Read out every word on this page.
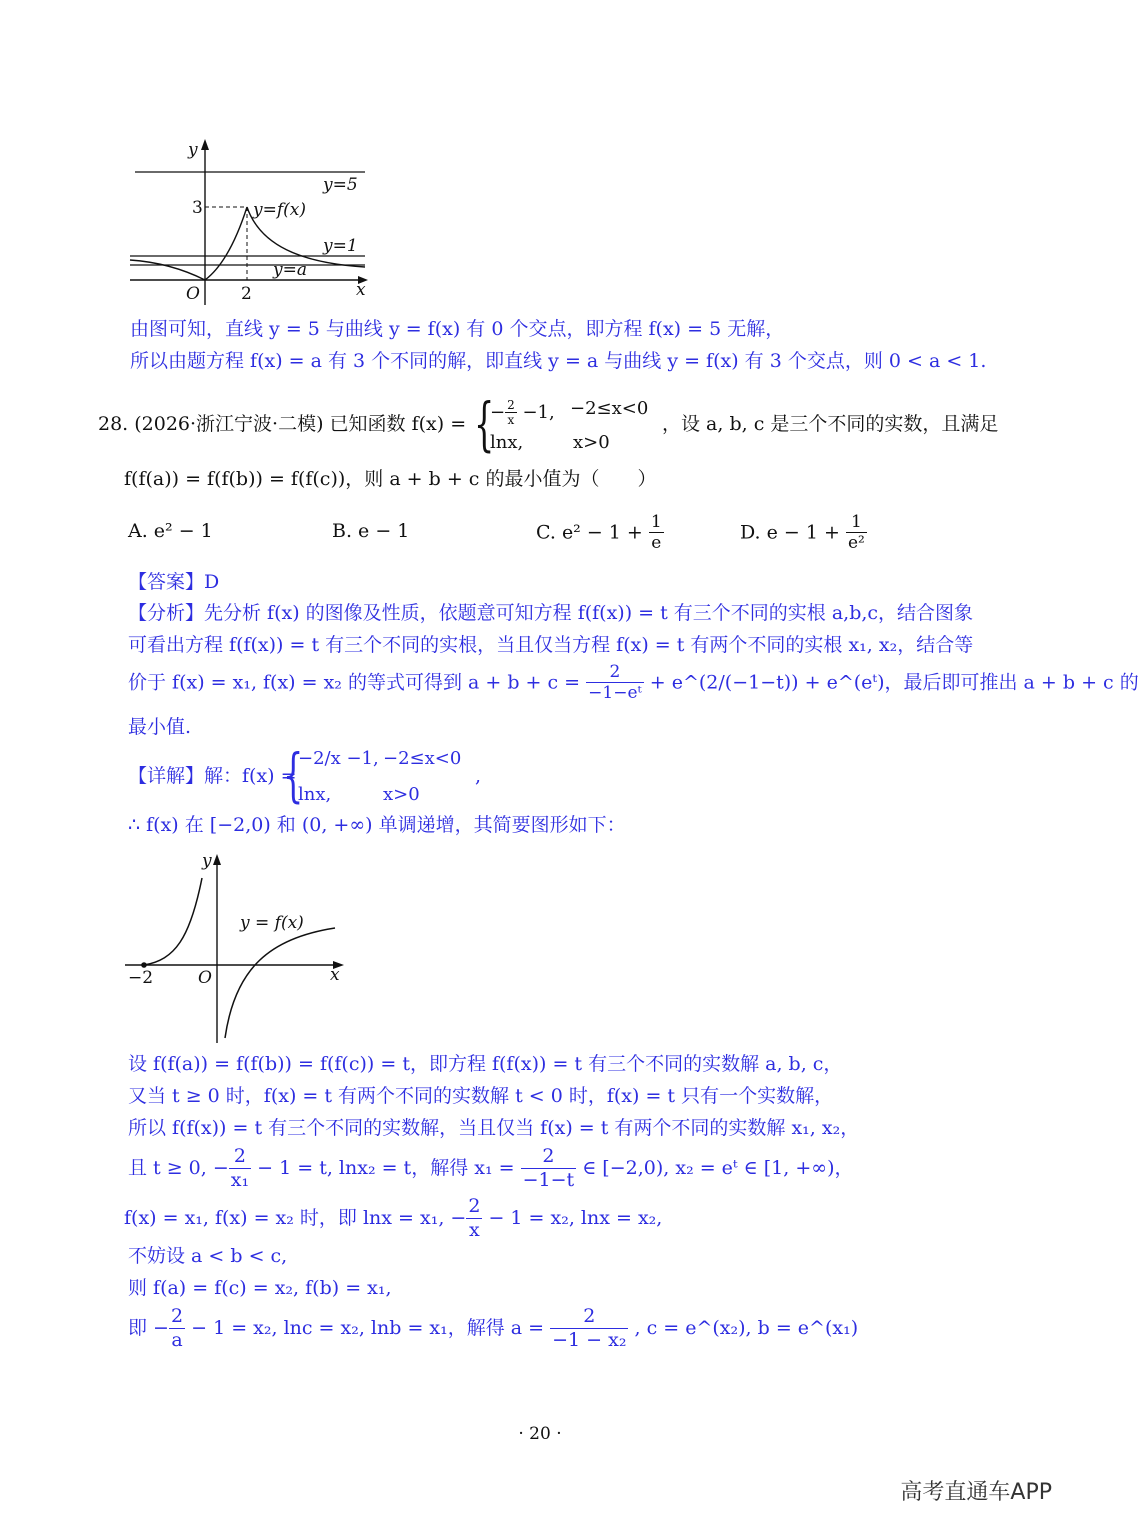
y
x
O 2
3
y=5
y=f(x)
y=1
y=a
由图可知，直线 y = 5 与曲线 y = f(x) 有 0 个交点，即方程 f(x) = 5 无解，
所以由题方程 f(x) = a 有 3 个不同的解，即直线 y = a 与曲线 y = f(x) 有 3 个交点，则 0 < a < 1.
28. (2026·浙江宁波·二模) 已知函数 f(x) = {
− $\frac{2}{x} -1$, −2≤x<0
lnx,	x>0
，设 a, b, c 是三个不同的实数，且满足
f(f(a)) = f(f(b)) = f(f(c))，则 a + b + c 的最小值为（　　）
A. e² − 1	B. e − 1	C. $e^2 - 1 + \frac{1}{e}$	D. $e - 1 + \frac{1}{\text{e²}}$
【答案】D
【分析】先分析 f(x) 的图像及性质，依题意可知方程 f(f(x)) = t 有三个不同的实根 a,b,c，结合图象
可看出方程 f(f(x)) = t 有三个不同的实根，当且仅当方程 f(x) = t 有两个不同的实根 x₁, x₂，结合等
价于 f(x) = x₁, f(x) = x₂ 的等式可得到 $a + b + c = \frac{2}{\text{−1−eᵗ}}$ + e^(2/(−1−t)) + e^(eᵗ)，最后即可推出 a + b + c 的
最小值.
【详解】解：f(x) =
{
−2/x −1, −2≤x<0
lnx,	x>0
,
∴ f(x) 在 [−2,0) 和 (0, +∞) 单调递增，其简要图形如下：
y
x
O
−2
y = f(x)
设 f(f(a)) = f(f(b)) = f(f(c)) = t，即方程 f(f(x)) = t 有三个不同的实数解 a, b, c，
又当 t ≥ 0 时，f(x) = t 有两个不同的实数解 t < 0 时，f(x) = t 只有一个实数解，
所以 f(f(x)) = t 有三个不同的实数解，当且仅当 f(x) = t 有两个不同的实数解 x₁, x₂，
且 t ≥ 0, − $\frac{2}{\text{x₁}} - 1 = t$, lnx₂ = t，解得 $x_1 = \frac{2}{-1-t}$ ∈ [−2,0), x₂ = eᵗ ∈ [1, +∞)，
f(x) = x₁, f(x) = x₂ 时，即 lnx = x₁, − $\frac{2}{x} - 1 = x_2$, lnx = x₂,
不妨设 a < b < c,
则 f(a) = f(c) = x₂, f(b) = x₁,
即 − $\frac{2}{a} - 1 = x_2$, lnc = x₂, lnb = x₁，解得 $a = \frac{2}{\text{−1 − x₂}}$ , c = e^(x₂), b = e^(x₁)
· 20 ·
高考直通车APP
